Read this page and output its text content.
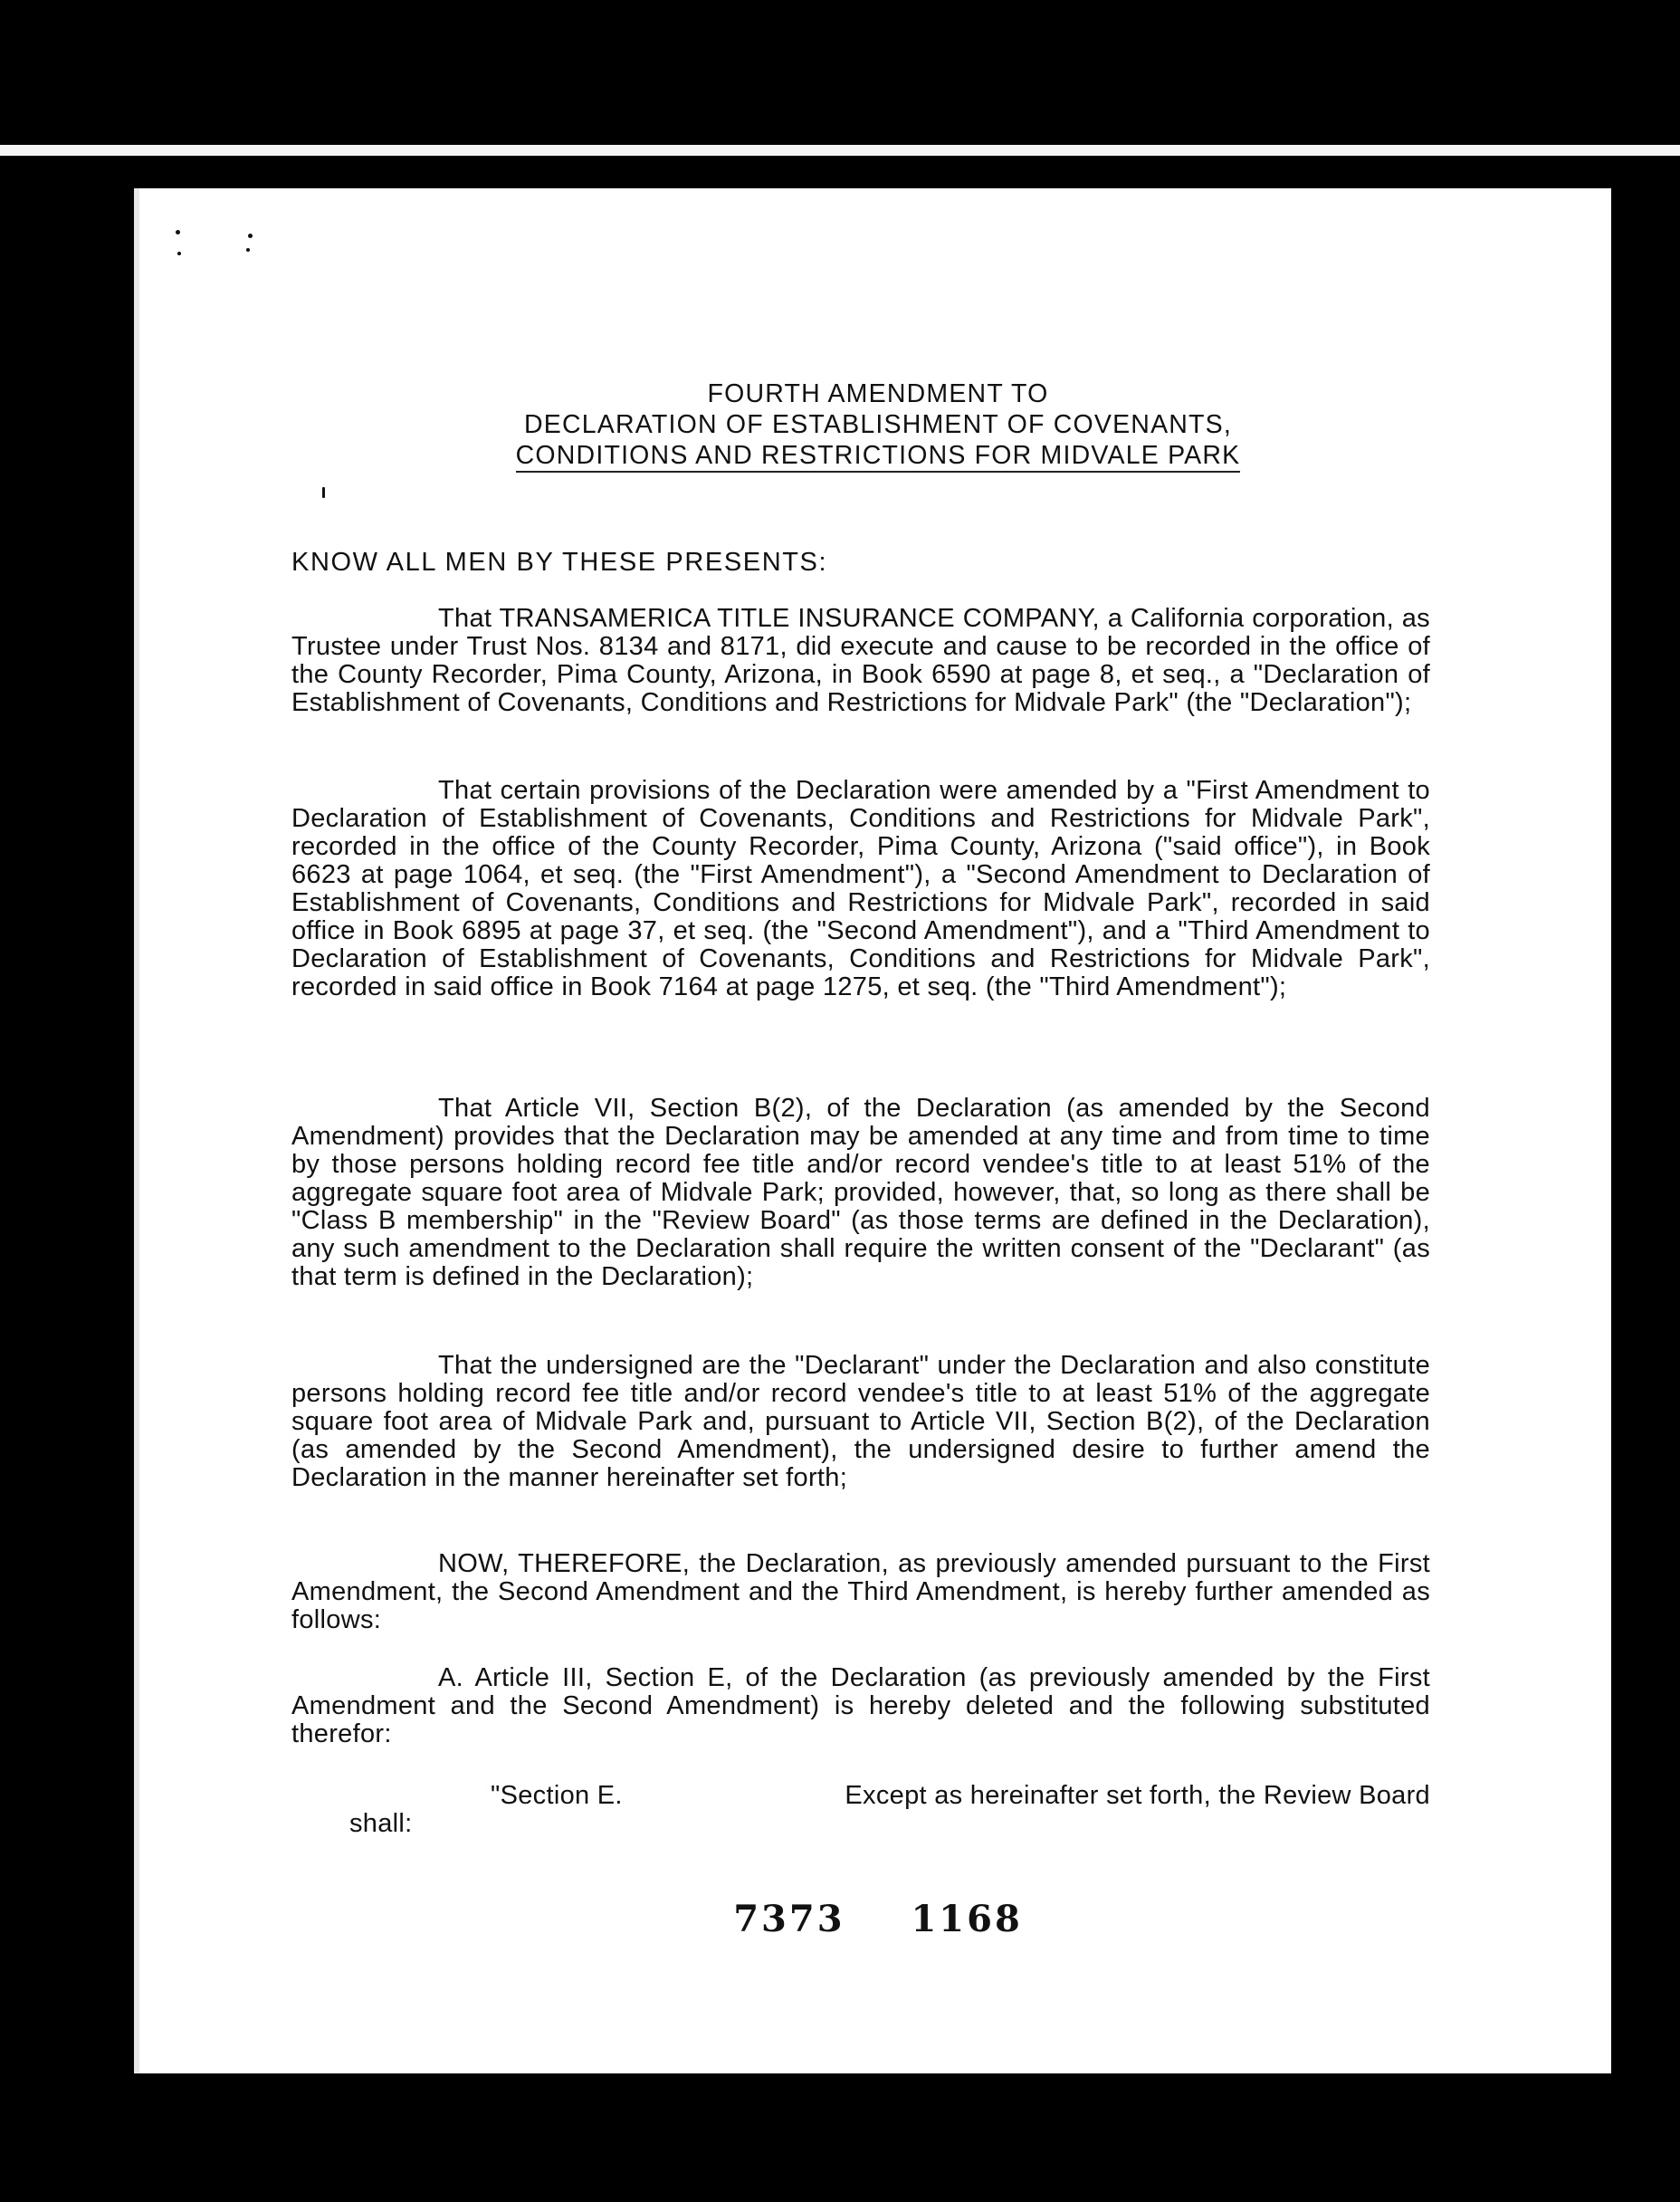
FOURTH AMENDMENT TO
DECLARATION OF ESTABLISHMENT OF COVENANTS,
CONDITIONS AND RESTRICTIONS FOR MIDVALE PARK
KNOW ALL MEN BY THESE PRESENTS:

That TRANSAMERICA TITLE INSURANCE COMPANY, a California corporation, as Trustee under Trust Nos. 8134 and 8171, did execute and cause to be recorded in the office of the County Recorder, Pima County, Arizona, in Book 6590 at page 8, et seq., a "Declaration of Establishment of Covenants, Conditions and Restrictions for Midvale Park" (the "Declaration");

That certain provisions of the Declaration were amended by a "First Amendment to Declaration of Establishment of Covenants, Conditions and Restrictions for Midvale Park", recorded in the office of the County Recorder, Pima County, Arizona ("said office"), in Book 6623 at page 1064, et seq. (the "First Amendment"), a "Second Amendment to Declaration of Establishment of Covenants, Conditions and Restrictions for Midvale Park", recorded in said office in Book 6895 at page 37, et seq. (the "Second Amendment"), and a "Third Amendment to Declaration of Establishment of Covenants, Conditions and Restrictions for Midvale Park", recorded in said office in Book 7164 at page 1275, et seq. (the "Third Amendment");

That Article VII, Section B(2), of the Declaration (as amended by the Second Amendment) provides that the Declaration may be amended at any time and from time to time by those persons holding record fee title and/or record vendee's title to at least 51% of the aggregate square foot area of Midvale Park; provided, however, that, so long as there shall be "Class B membership" in the "Review Board" (as those terms are defined in the Declaration), any such amendment to the Declaration shall require the written consent of the "Declarant" (as that term is defined in the Declaration);

That the undersigned are the "Declarant" under the Declaration and also constitute persons holding record fee title and/or record vendee's title to at least 51% of the aggregate square foot area of Midvale Park and, pursuant to Article VII, Section B(2), of the Declaration (as amended by the Second Amendment), the undersigned desire to further amend the Declaration in the manner hereinafter set forth;

NOW, THEREFORE, the Declaration, as previously amended pursuant to the First Amendment, the Second Amendment and the Third Amendment, is hereby further amended as follows:

A. Article III, Section E, of the Declaration (as previously amended by the First Amendment and the Second Amendment) is hereby deleted and the following substituted therefor:

"Section E.	Except as hereinafter set forth, the Review Board
shall:
7373 1168
